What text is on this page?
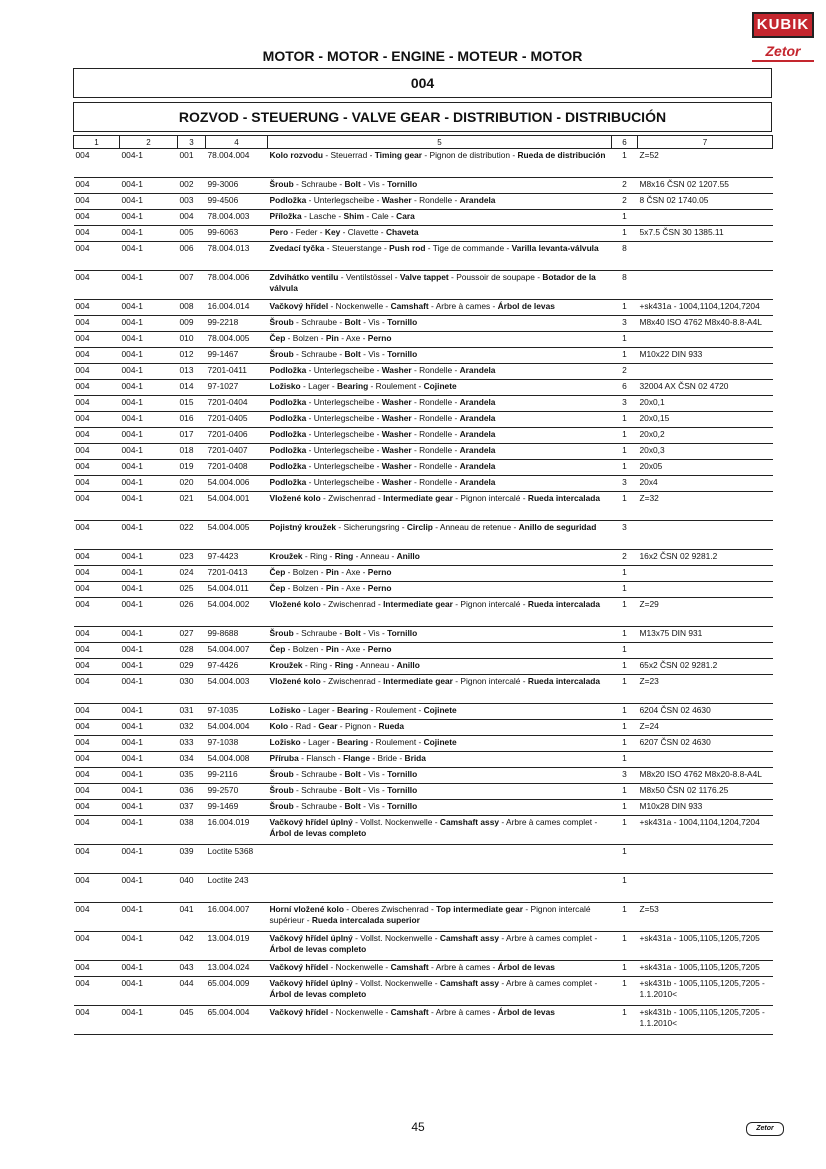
KUBIK
Zetor
MOTOR - MOTOR - ENGINE - MOTEUR - MOTOR
004
ROZVOD - STEUERUNG - VALVE GEAR - DISTRIBUTION - DISTRIBUCIÓN
1	2	3	4	5	6	7
004	004-1	001	78.004.004	Kolo rozvodu - Steuerrad - Timing gear - Pignon de distribution - Rueda de distribución	1	Z=52
004	004-1	002	99-3006	Šroub - Schraube - Bolt - Vis - Tornillo	2	M8x16 ČSN 02 1207.55
004	004-1	003	99-4506	Podložka - Unterlegscheibe - Washer - Rondelle - Arandela	2	8 ČSN 02 1740.05
004	004-1	004	78.004.003	Příložka - Lasche - Shim - Cale - Cara	1	
004	004-1	005	99-6063	Pero - Feder - Key - Clavette - Chaveta	1	5x7.5 ČSN 30 1385.11
004	004-1	006	78.004.013	Zvedací tyčka - Steuerstange - Push rod - Tige de commande - Varilla levanta-válvula	8	
004	004-1	007	78.004.006	Zdvihátko ventilu - Ventilstössel - Valve tappet - Poussoir de soupape - Botador de la válvula	8	
004	004-1	008	16.004.014	Vačkový hřídel - Nockenwelle - Camshaft - Arbre à cames - Árbol de levas	1	+sk431a - 1004,1104,1204,7204
004	004-1	009	99-2218	Šroub - Schraube - Bolt - Vis - Tornillo	3	M8x40 ISO 4762 M8x40-8.8-A4L
004	004-1	010	78.004.005	Čep - Bolzen - Pin - Axe - Perno	1	
004	004-1	012	99-1467	Šroub - Schraube - Bolt - Vis - Tornillo	1	M10x22 DIN 933
004	004-1	013	7201-0411	Podložka - Unterlegscheibe - Washer - Rondelle - Arandela	2	
004	004-1	014	97-1027	Ložisko - Lager - Bearing - Roulement - Cojinete	6	32004 AX ČSN 02 4720
004	004-1	015	7201-0404	Podložka - Unterlegscheibe - Washer - Rondelle - Arandela	3	20x0,1
004	004-1	016	7201-0405	Podložka - Unterlegscheibe - Washer - Rondelle - Arandela	1	20x0,15
004	004-1	017	7201-0406	Podložka - Unterlegscheibe - Washer - Rondelle - Arandela	1	20x0,2
004	004-1	018	7201-0407	Podložka - Unterlegscheibe - Washer - Rondelle - Arandela	1	20x0,3
004	004-1	019	7201-0408	Podložka - Unterlegscheibe - Washer - Rondelle - Arandela	1	20x05
004	004-1	020	54.004.006	Podložka - Unterlegscheibe - Washer - Rondelle - Arandela	3	20x4
004	004-1	021	54.004.001	Vložené kolo - Zwischenrad - Intermediate gear - Pignon intercalé - Rueda intercalada	1	Z=32
004	004-1	022	54.004.005	Pojistný kroužek - Sicherungsring - Circlip - Anneau de retenue - Anillo de seguridad	3	
004	004-1	023	97-4423	Kroužek - Ring - Ring - Anneau - Anillo	2	16x2 ČSN 02 9281.2
004	004-1	024	7201-0413	Čep - Bolzen - Pin - Axe - Perno	1	
004	004-1	025	54.004.011	Čep - Bolzen - Pin - Axe - Perno	1	
004	004-1	026	54.004.002	Vložené kolo - Zwischenrad - Intermediate gear - Pignon intercalé - Rueda intercalada	1	Z=29
004	004-1	027	99-8688	Šroub - Schraube - Bolt - Vis - Tornillo	1	M13x75 DIN 931
004	004-1	028	54.004.007	Čep - Bolzen - Pin - Axe - Perno	1	
004	004-1	029	97-4426	Kroužek - Ring - Ring - Anneau - Anillo	1	65x2 ČSN 02 9281.2
004	004-1	030	54.004.003	Vložené kolo - Zwischenrad - Intermediate gear - Pignon intercalé - Rueda intercalada	1	Z=23
004	004-1	031	97-1035	Ložisko - Lager - Bearing - Roulement - Cojinete	1	6204 ČSN 02 4630
004	004-1	032	54.004.004	Kolo - Rad - Gear - Pignon - Rueda	1	Z=24
004	004-1	033	97-1038	Ložisko - Lager - Bearing - Roulement - Cojinete	1	6207 ČSN 02 4630
004	004-1	034	54.004.008	Příruba - Flansch - Flange - Bride - Brida	1	
004	004-1	035	99-2116	Šroub - Schraube - Bolt - Vis - Tornillo	3	M8x20 ISO 4762 M8x20-8.8-A4L
004	004-1	036	99-2570	Šroub - Schraube - Bolt - Vis - Tornillo	1	M8x50 ČSN 02 1176.25
004	004-1	037	99-1469	Šroub - Schraube - Bolt - Vis - Tornillo	1	M10x28 DIN 933
004	004-1	038	16.004.019	Vačkový hřídel úplný - Vollst. Nockenwelle - Camshaft assy - Arbre à cames complet - Árbol de levas completo	1	+sk431a - 1004,1104,1204,7204
004	004-1	039	Loctite 5368		1	
004	004-1	040	Loctite 243		1	
004	004-1	041	16.004.007	Horní vložené kolo - Oberes Zwischenrad - Top intermediate gear - Pignon intercalé supérieur - Rueda intercalada superior	1	Z=53
004	004-1	042	13.004.019	Vačkový hřídel úplný - Vollst. Nockenwelle - Camshaft assy - Arbre à cames complet - Árbol de levas completo	1	+sk431a - 1005,1105,1205,7205
004	004-1	043	13.004.024	Vačkový hřídel - Nockenwelle - Camshaft - Arbre à cames - Árbol de levas	1	+sk431a - 1005,1105,1205,7205
004	004-1	044	65.004.009	Vačkový hřídel úplný - Vollst. Nockenwelle - Camshaft assy - Arbre à cames complet - Árbol de levas completo	1	+sk431b - 1005,1105,1205,7205 - 1.1.2010<
004	004-1	045	65.004.004	Vačkový hřídel - Nockenwelle - Camshaft - Arbre à cames - Árbol de levas	1	+sk431b - 1005,1105,1205,7205 - 1.1.2010<
45	Zetor
